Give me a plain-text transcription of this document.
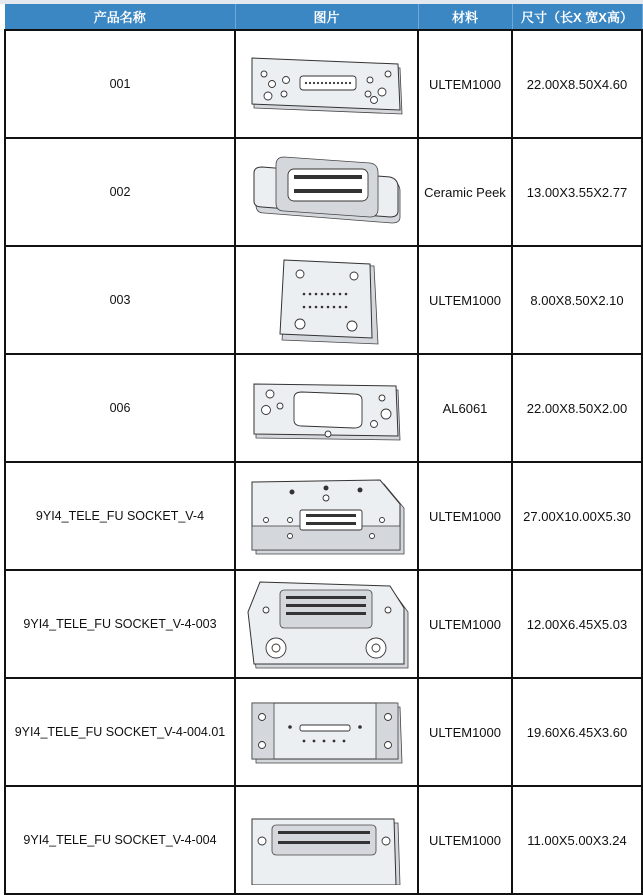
产品名称	图片	材料	尺寸（长X 宽X高）
001		ULTEM1000	22.00X8.50X4.60
002		Ceramic Peek	13.00X3.55X2.77
003		ULTEM1000	8.00X8.50X2.10
006		AL6061	22.00X8.50X2.00
9YI4_TELE_FU SOCKET_V-4		ULTEM1000	27.00X10.00X5.30
9YI4_TELE_FU SOCKET_V-4-003		ULTEM1000	12.00X6.45X5.03
9YI4_TELE_FU SOCKET_V-4-004.01		ULTEM1000	19.60X6.45X3.60
9YI4_TELE_FU SOCKET_V-4-004		ULTEM1000	11.00X5.00X3.24
